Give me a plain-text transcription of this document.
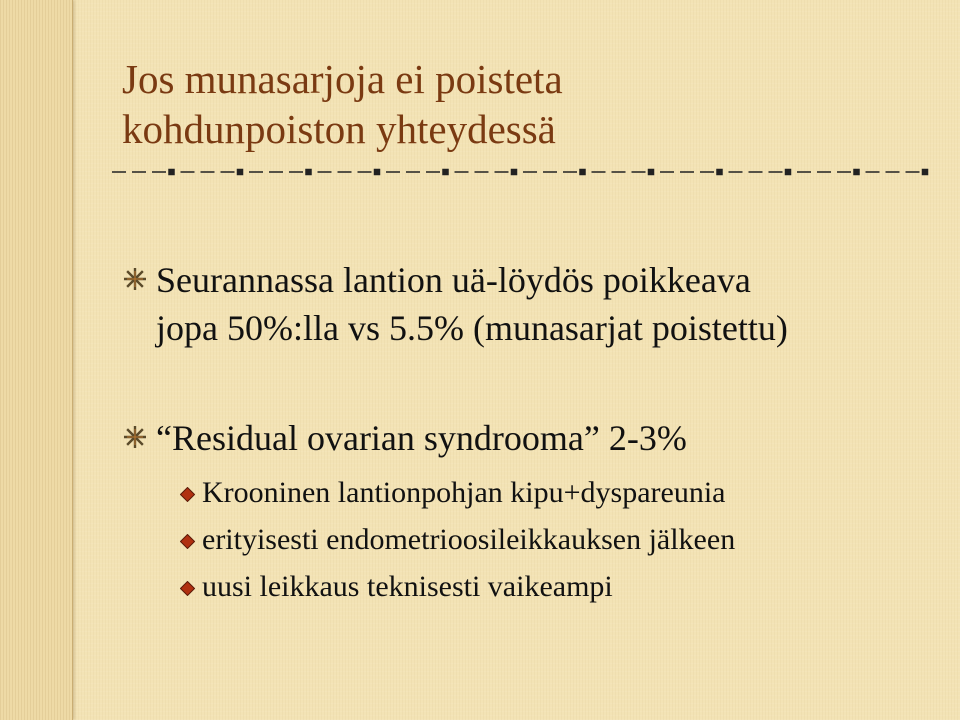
Jos munasarjoja ei poisteta
kohdunpoiston yhteydessä
Seurannassa lantion uä-löydös poikkeava
jopa 50%:lla vs 5.5% (munasarjat poistettu)
“Residual ovarian syndrooma” 2-3%
Krooninen lantionpohjan kipu+dyspareunia
erityisesti endometrioosileikkauksen jälkeen
uusi leikkaus teknisesti vaikeampi
